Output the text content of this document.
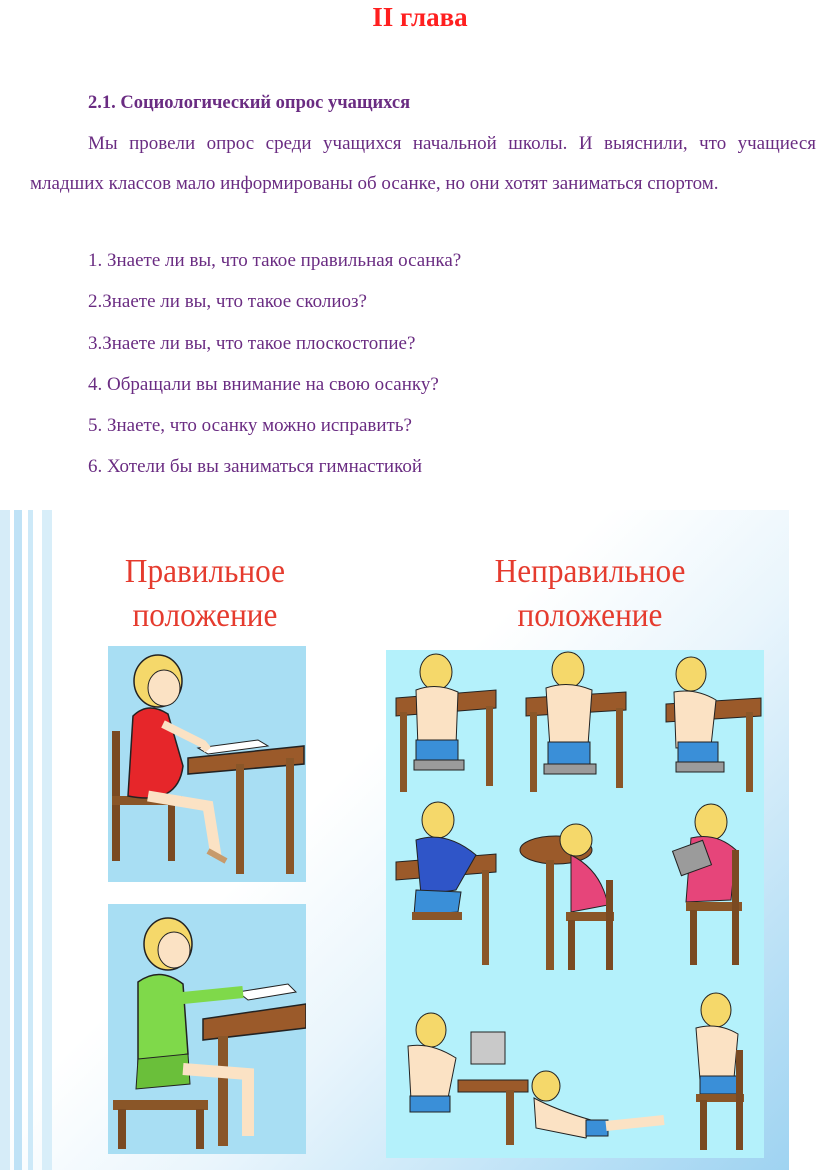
II глава
2.1. Социологический опрос учащихся
Мы провели опрос среди учащихся начальной школы. И выяснили, что учащиеся младших классов мало информированы об осанке, но они хотят заниматься спортом.
1. Знаете ли вы, что такое правильная осанка?
2.Знаете ли вы, что такое сколиоз?
3.Знаете ли вы, что такое плоскостопие?
4. Обращали вы внимание на свою осанку?
5. Знаете, что осанку можно исправить?
6. Хотели бы вы заниматься гимнастикой
Правильное
положение
Неправильное
положение
